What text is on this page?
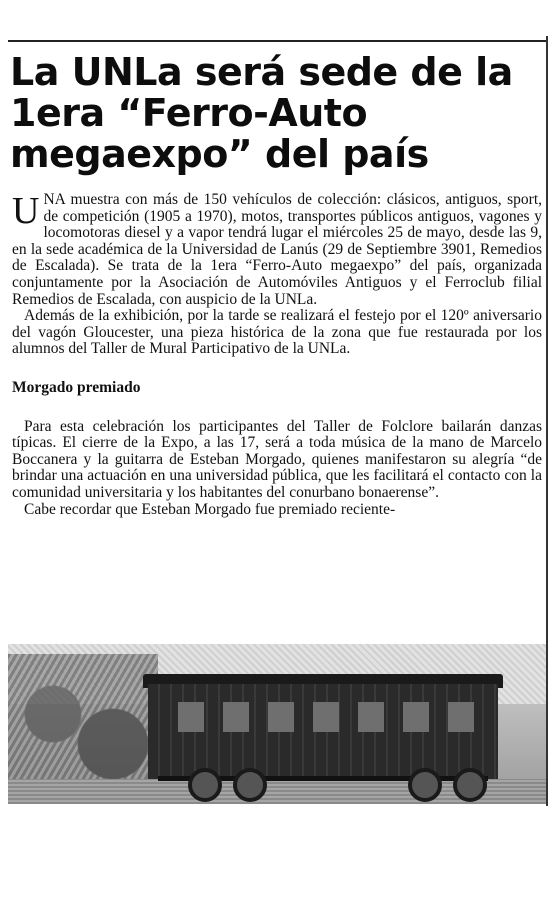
La UNLa será sede de la 1era “Ferro-Auto megaexpo” del país

UNA muestra con más de 150 vehículos de colección: clásicos, antiguos, sport, de competición (1905 a 1970), motos, transportes públicos antiguos, vagones y locomotoras diesel y a vapor tendrá lugar el miércoles 25 de mayo, desde las 9, en la sede académica de la Universidad de Lanús (29 de Septiembre 3901, Remedios de Escalada). Se trata de la 1era “Ferro-Auto megaexpo” del país, organizada conjuntamente por la Asociación de Automóviles Antiguos y el Ferroclub filial Remedios de Escalada, con auspicio de la UNLa.

Además de la exhibición, por la tarde se realizará el festejo por el 120º aniversario del vagón Gloucester, una pieza histórica de la zona que fue restaurada por los alumnos del Taller de Mural Participativo de la UNLa.

Morgado premiado

Para esta celebración los participantes del Taller de Folclore bailarán danzas típicas. El cierre de la Expo, a las 17, será a toda música de la mano de Marcelo Boccanera y la guitarra de Esteban Morgado, quienes manifestaron su alegría “de brindar una actuación en una universidad pública, que les facilitará el contacto con la comunidad universitaria y los habitantes del conurbano bonaerense”.

Cabe recordar que Esteban Morgado fue premiado reciente-
